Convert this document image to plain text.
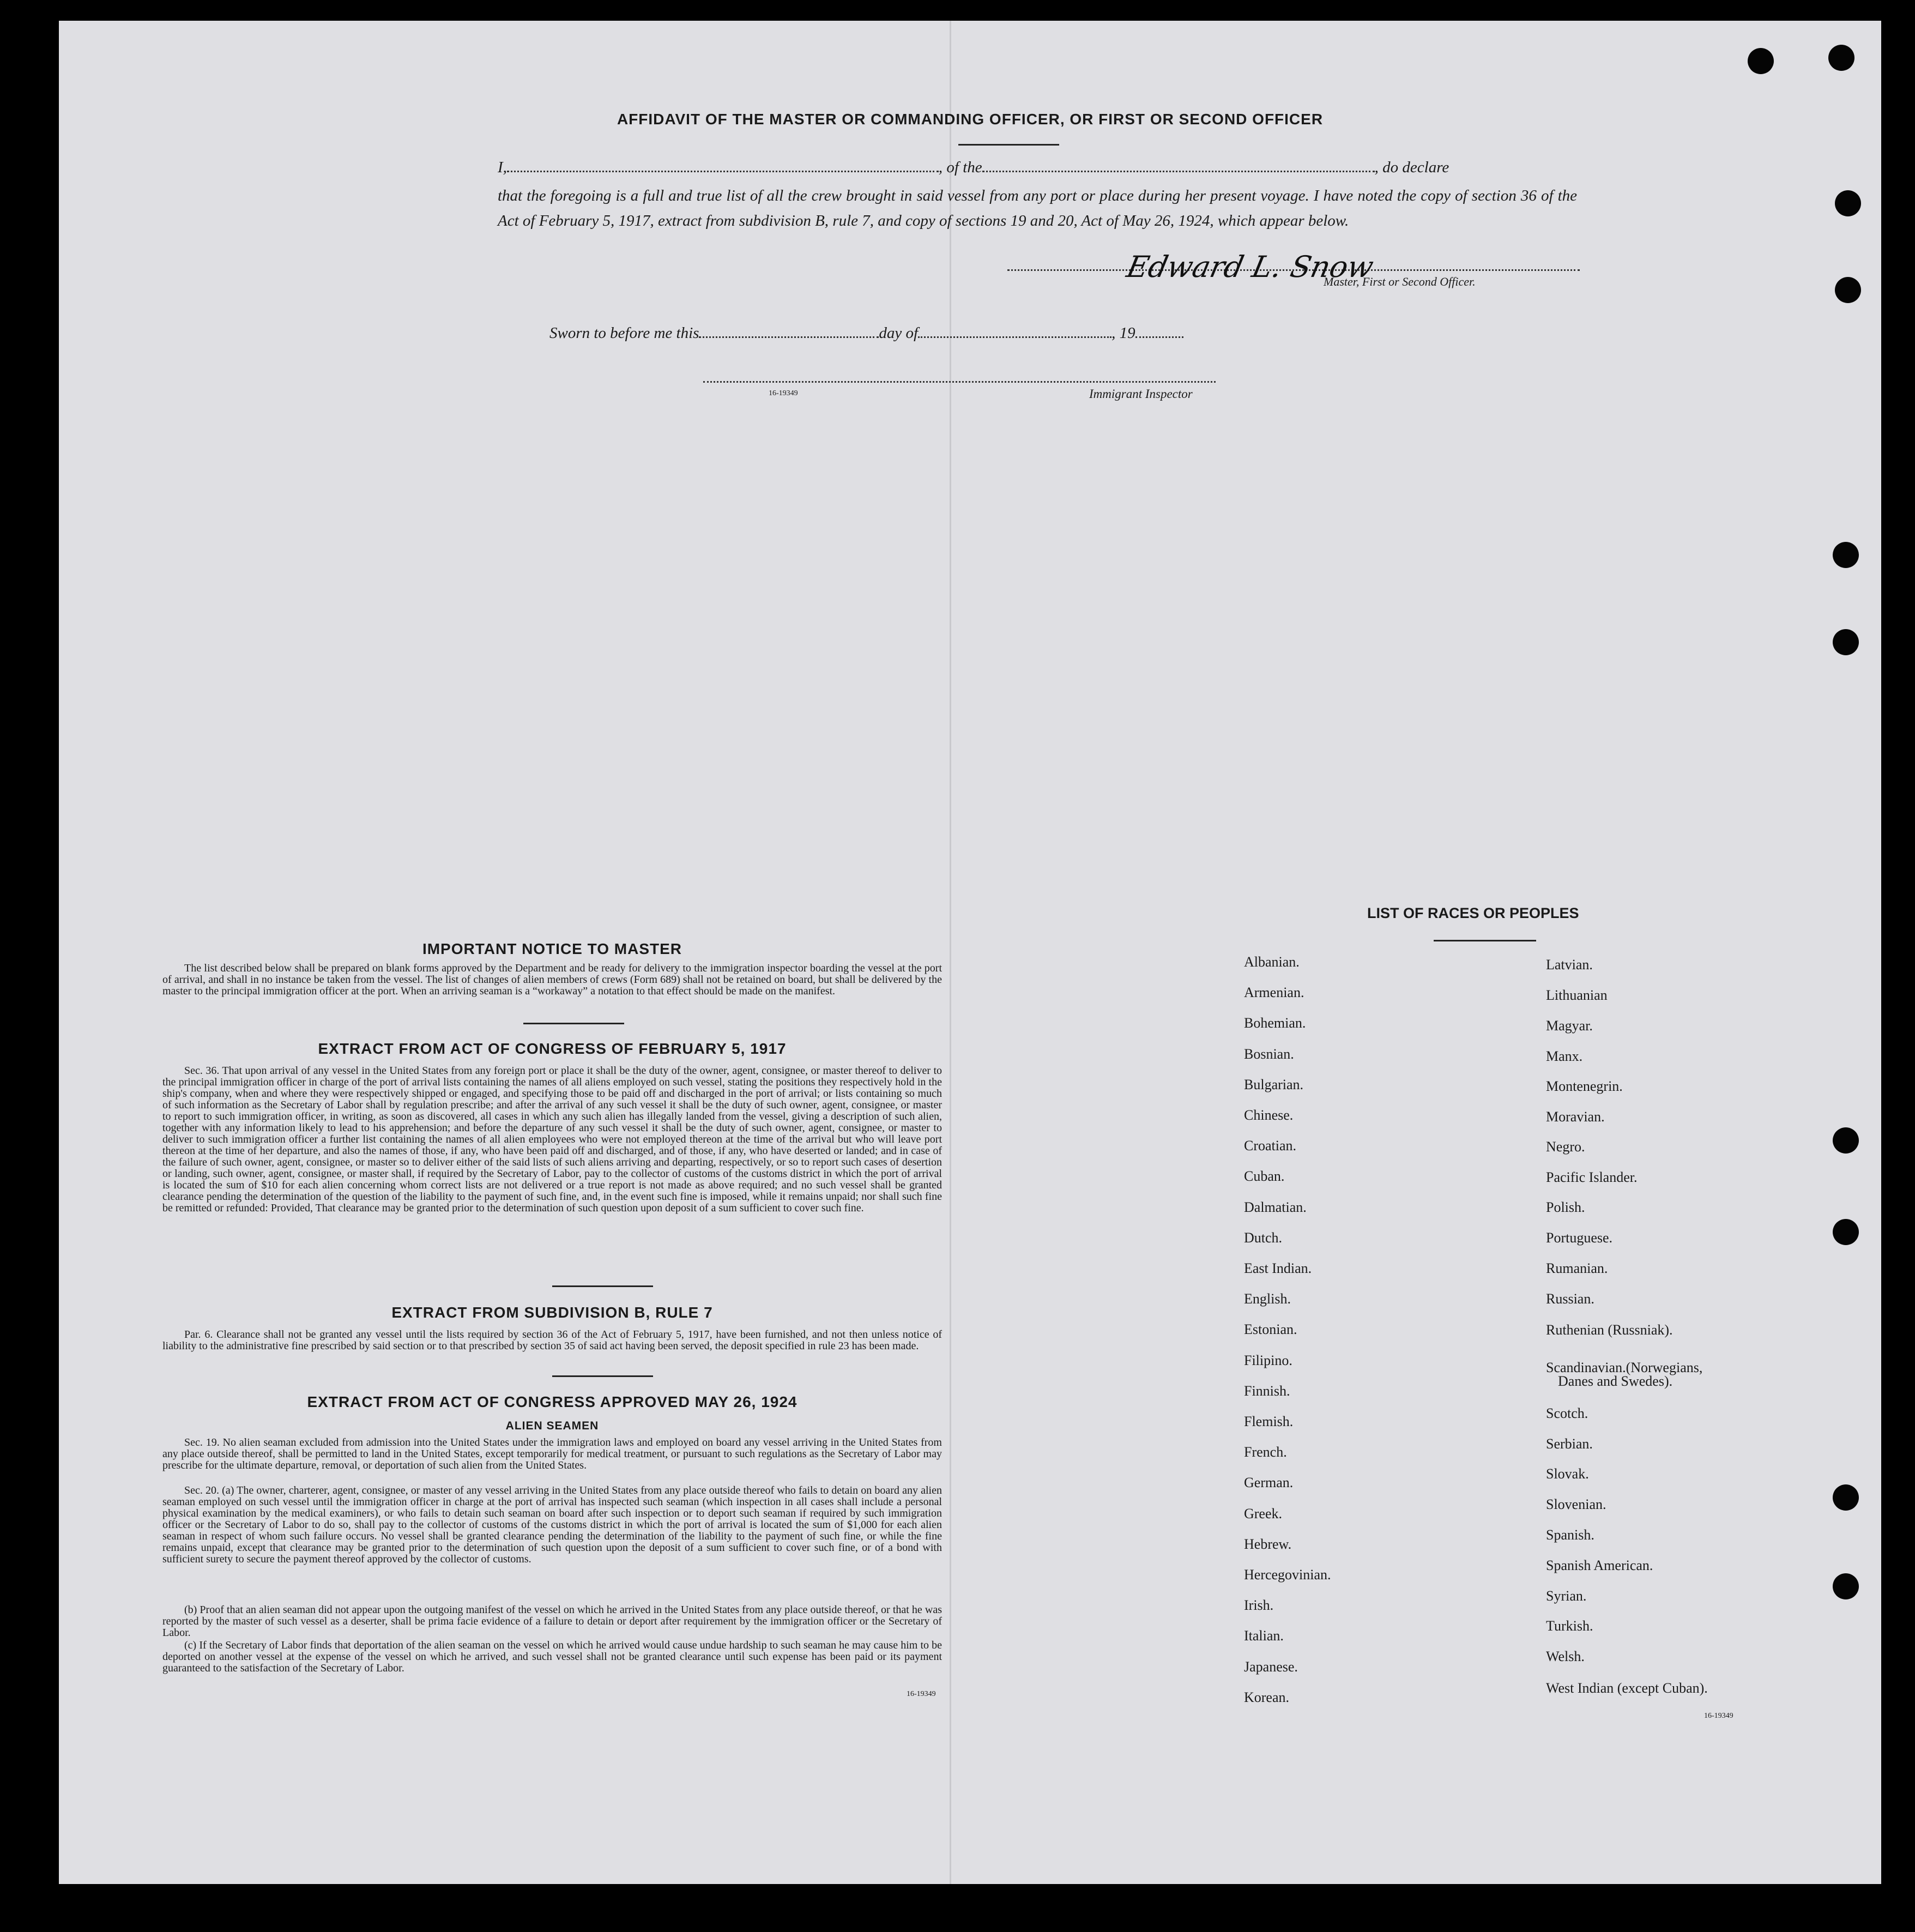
AFFIDAVIT OF THE MASTER OR COMMANDING OFFICER, OR FIRST OR SECOND OFFICER
I,	, of the	, do declare
that the foregoing is a full and true list of all the crew brought in said vessel from any port or place during her present voyage. I have noted the copy of section 36 of the Act of February 5, 1917, extract from subdivision B, rule 7, and copy of sections 19 and 20, Act of May 26, 1924, which appear below.
Edward L. Snow
Master, First or Second Officer.
Sworn to before me this	day of	, 19
16-19349	Immigrant Inspector
IMPORTANT NOTICE TO MASTER
The list described below shall be prepared on blank forms approved by the Department and be ready for delivery to the immigration inspector boarding the vessel at the port of arrival, and shall in no instance be taken from the vessel. The list of changes of alien members of crews (Form 689) shall not be retained on board, but shall be delivered by the master to the principal immigration officer at the port. When an arriving seaman is a “workaway” a notation to that effect should be made on the manifest.
EXTRACT FROM ACT OF CONGRESS OF FEBRUARY 5, 1917
Sec. 36. That upon arrival of any vessel in the United States from any foreign port or place it shall be the duty of the owner, agent, consignee, or master thereof to deliver to the principal immigration officer in charge of the port of arrival lists containing the names of all aliens employed on such vessel, stating the positions they respectively hold in the ship's company, when and where they were respectively shipped or engaged, and specifying those to be paid off and discharged in the port of arrival; or lists containing so much of such information as the Secretary of Labor shall by regulation prescribe; and after the arrival of any such vessel it shall be the duty of such owner, agent, consignee, or master to report to such immigration officer, in writing, as soon as discovered, all cases in which any such alien has illegally landed from the vessel, giving a description of such alien, together with any information likely to lead to his apprehension; and before the departure of any such vessel it shall be the duty of such owner, agent, consignee, or master to deliver to such immigration officer a further list containing the names of all alien employees who were not employed thereon at the time of the arrival but who will leave port thereon at the time of her departure, and also the names of those, if any, who have been paid off and discharged, and of those, if any, who have deserted or landed; and in case of the failure of such owner, agent, consignee, or master so to deliver either of the said lists of such aliens arriving and departing, respectively, or so to report such cases of desertion or landing, such owner, agent, consignee, or master shall, if required by the Secretary of Labor, pay to the collector of customs of the customs district in which the port of arrival is located the sum of $10 for each alien concerning whom correct lists are not delivered or a true report is not made as above required; and no such vessel shall be granted clearance pending the determination of the question of the liability to the payment of such fine, and, in the event such fine is imposed, while it remains unpaid; nor shall such fine be remitted or refunded: Provided, That clearance may be granted prior to the determination of such question upon deposit of a sum sufficient to cover such fine.
EXTRACT FROM SUBDIVISION B, RULE 7
Par. 6. Clearance shall not be granted any vessel until the lists required by section 36 of the Act of February 5, 1917, have been furnished, and not then unless notice of liability to the administrative fine prescribed by said section or to that prescribed by section 35 of said act having been served, the deposit specified in rule 23 has been made.
EXTRACT FROM ACT OF CONGRESS APPROVED MAY 26, 1924
ALIEN SEAMEN
Sec. 19. No alien seaman excluded from admission into the United States under the immigration laws and employed on board any vessel arriving in the United States from any place outside thereof, shall be permitted to land in the United States, except temporarily for medical treatment, or pursuant to such regulations as the Secretary of Labor may prescribe for the ultimate departure, removal, or deportation of such alien from the United States.
Sec. 20. (a) The owner, charterer, agent, consignee, or master of any vessel arriving in the United States from any place outside thereof who fails to detain on board any alien seaman employed on such vessel until the immigration officer in charge at the port of arrival has inspected such seaman (which inspection in all cases shall include a personal physical examination by the medical examiners), or who fails to detain such seaman on board after such inspection or to deport such seaman if required by such immigration officer or the Secretary of Labor to do so, shall pay to the collector of customs of the customs district in which the port of arrival is located the sum of $1,000 for each alien seaman in respect of whom such failure occurs. No vessel shall be granted clearance pending the determination of the liability to the payment of such fine, or while the fine remains unpaid, except that clearance may be granted prior to the determination of such question upon the deposit of a sum sufficient to cover such fine, or of a bond with sufficient surety to secure the payment thereof approved by the collector of customs.
(b) Proof that an alien seaman did not appear upon the outgoing manifest of the vessel on which he arrived in the United States from any place outside thereof, or that he was reported by the master of such vessel as a deserter, shall be prima facie evidence of a failure to detain or deport after requirement by the immigration officer or the Secretary of Labor.
(c) If the Secretary of Labor finds that deportation of the alien seaman on the vessel on which he arrived would cause undue hardship to such seaman he may cause him to be deported on another vessel at the expense of the vessel on which he arrived, and such vessel shall not be granted clearance until such expense has been paid or its payment guaranteed to the satisfaction of the Secretary of Labor.
16-19349
LIST OF RACES OR PEOPLES
16-19349
Albanian.
Armenian.
Bohemian.
Bosnian.
Bulgarian.
Chinese.
Croatian.
Cuban.
Dalmatian.
Dutch.
East Indian.
English.
Estonian.
Filipino.
Finnish.
Flemish.
French.
German.
Greek.
Hebrew.
Hercegovinian.
Irish.
Italian.
Japanese.
Korean.
Latvian.
Lithuanian
Magyar.
Manx.
Montenegrin.
Moravian.
Negro.
Pacific Islander.
Polish.
Portuguese.
Rumanian.
Russian.
Ruthenian (Russniak).
Scandinavian.(Norwegians,
Danes and Swedes).
Scotch.
Serbian.
Slovak.
Slovenian.
Spanish.
Spanish American.
Syrian.
Turkish.
Welsh.
West Indian (except Cuban).
